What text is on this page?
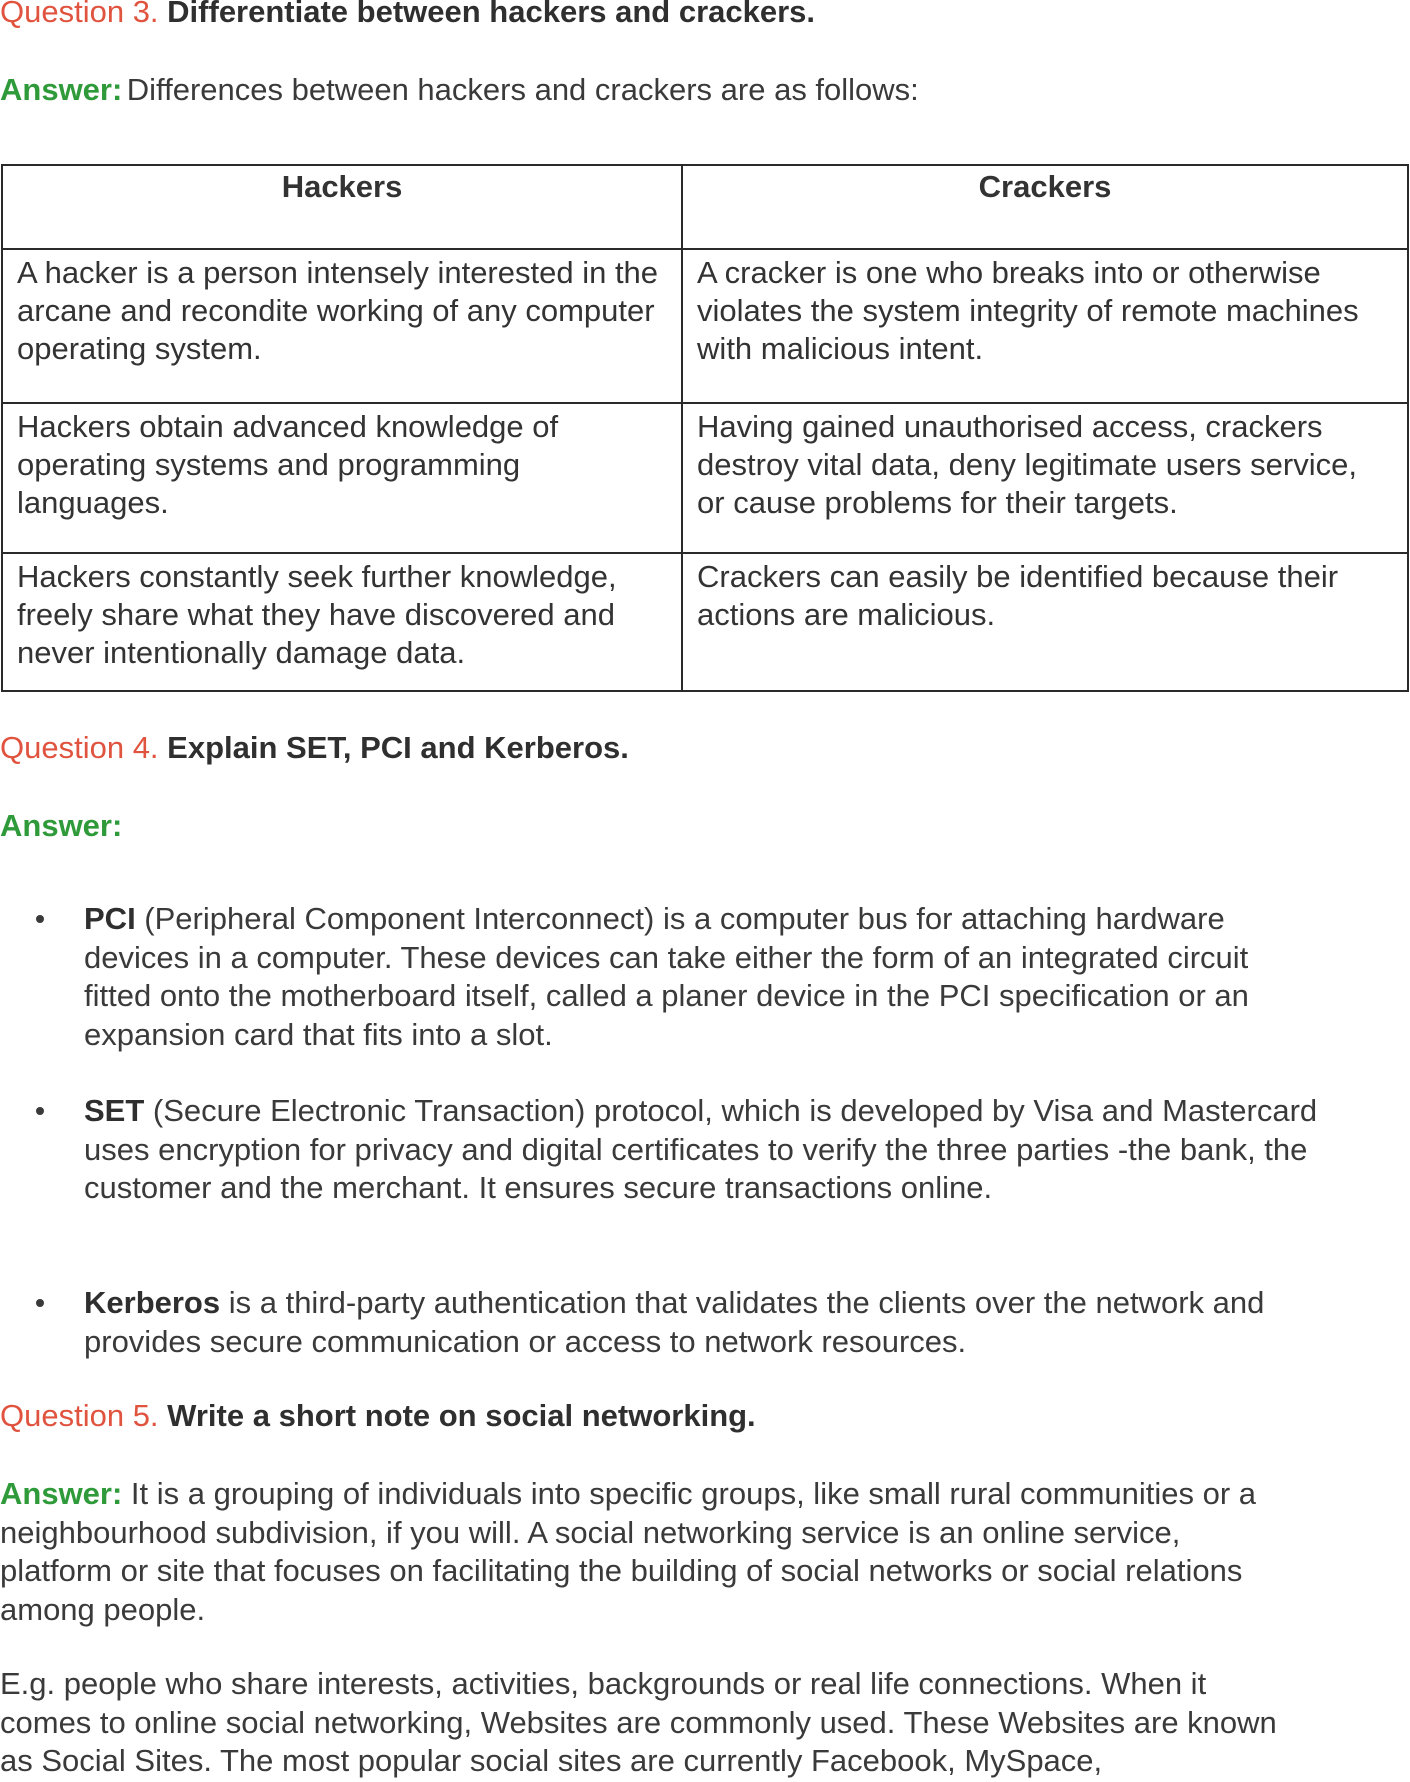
Question 3. Differentiate between hackers and crackers.
Answer: Differences between hackers and crackers are as follows:
Hackers	Crackers
A hacker is a person intensely interested in the arcane and recondite working of any computer operating system.	A cracker is one who breaks into or otherwise violates the system integrity of remote machines with malicious intent.
Hackers obtain advanced knowledge of operating systems and programming languages.	Having gained unauthorised access, crackers destroy vital data, deny legitimate users service, or cause problems for their targets.
Hackers constantly seek further knowledge, freely share what they have discovered and never intentionally damage data.	Crackers can easily be identified because their actions are malicious.
Question 4. Explain SET, PCI and Kerberos.
Answer:
PCI (Peripheral Component Interconnect) is a computer bus for attaching hardware devices in a computer. These devices can take either the form of an integrated circuit fitted onto the motherboard itself, called a planer device in the PCI specification or an expansion card that fits into a slot.
SET (Secure Electronic Transaction) protocol, which is developed by Visa and Mastercard uses encryption for privacy and digital certificates to verify the three parties -the bank, the customer and the merchant. It ensures secure transactions online.
Kerberos is a third-party authentication that validates the clients over the network and provides secure communication or access to network resources.
Question 5. Write a short note on social networking.
Answer: It is a grouping of individuals into specific groups, like small rural communities or a neighbourhood subdivision, if you will. A social networking service is an online service, platform or site that focuses on facilitating the building of social networks or social relations among people.
E.g. people who share interests, activities, backgrounds or real life connections. When it comes to online social networking, Websites are commonly used. These Websites are known as Social Sites. The most popular social sites are currently Facebook, MySpace,
